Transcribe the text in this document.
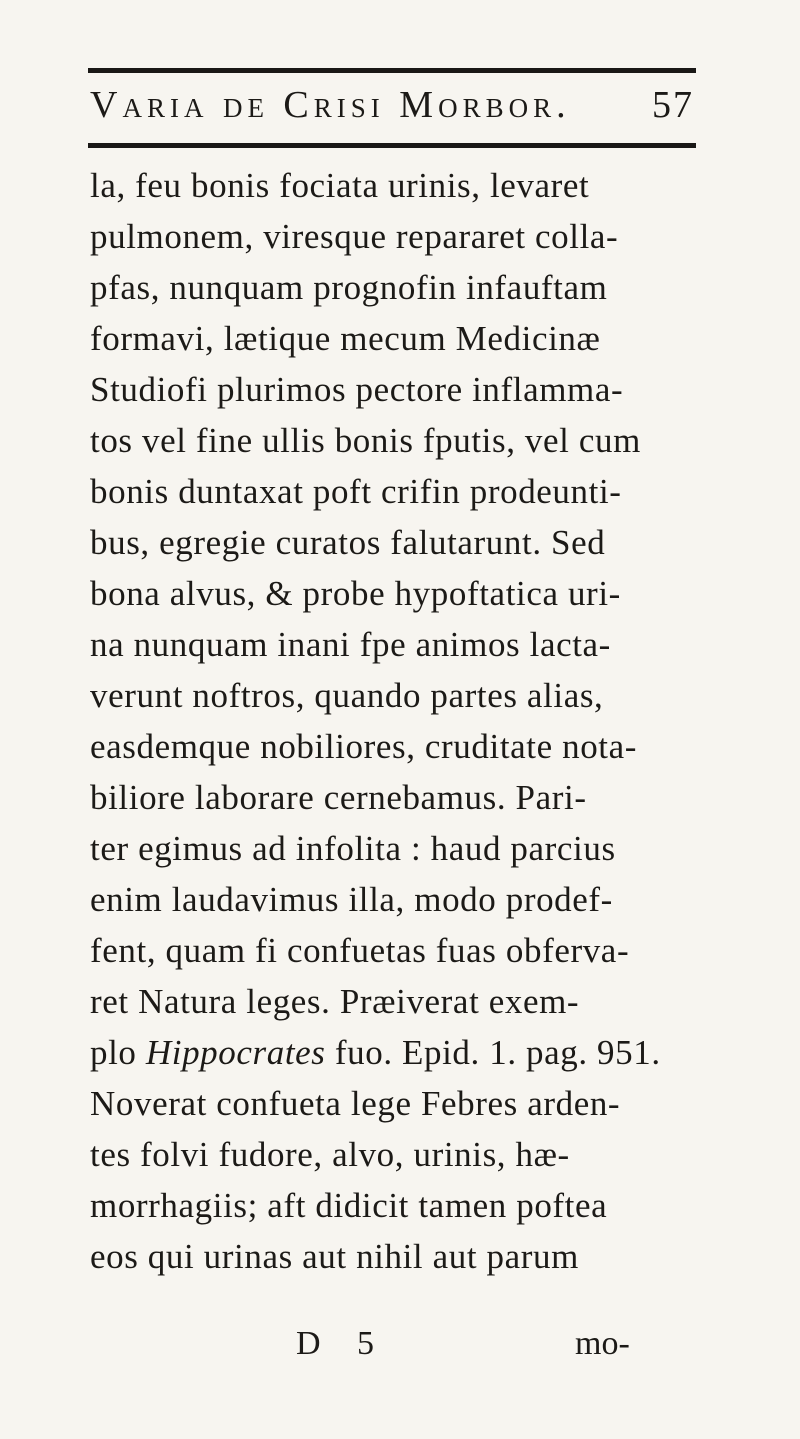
Varia de Crisi Morbor. 57
la, feu bonis fociata urinis, levaret
pulmonem, viresque repararet colla-
pfas, nunquam prognofin infauftam
formavi, lætique mecum Medicinæ
Studiofi plurimos pectore inflamma-
tos vel fine ullis bonis fputis, vel cum
bonis duntaxat poft crifin prodeunti-
bus, egregie curatos falutarunt. Sed
bona alvus, & probe hypoftatica uri-
na nunquam inani fpe animos lacta-
verunt noftros, quando partes alias,
easdemque nobiliores, cruditate nota-
biliore laborare cernebamus. Pari-
ter egimus ad infolita : haud parcius
enim laudavimus illa, modo prodef-
fent, quam fi confuetas fuas obferva-
ret Natura leges. Præiverat exem-
plo Hippocrates fuo. Epid. 1. pag. 951.
Noverat confueta lege Febres arden-
tes folvi fudore, alvo, urinis, hæ-
morrhagiis; aft didicit tamen poftea
eos qui urinas aut nihil aut parum
D 5	mo-
